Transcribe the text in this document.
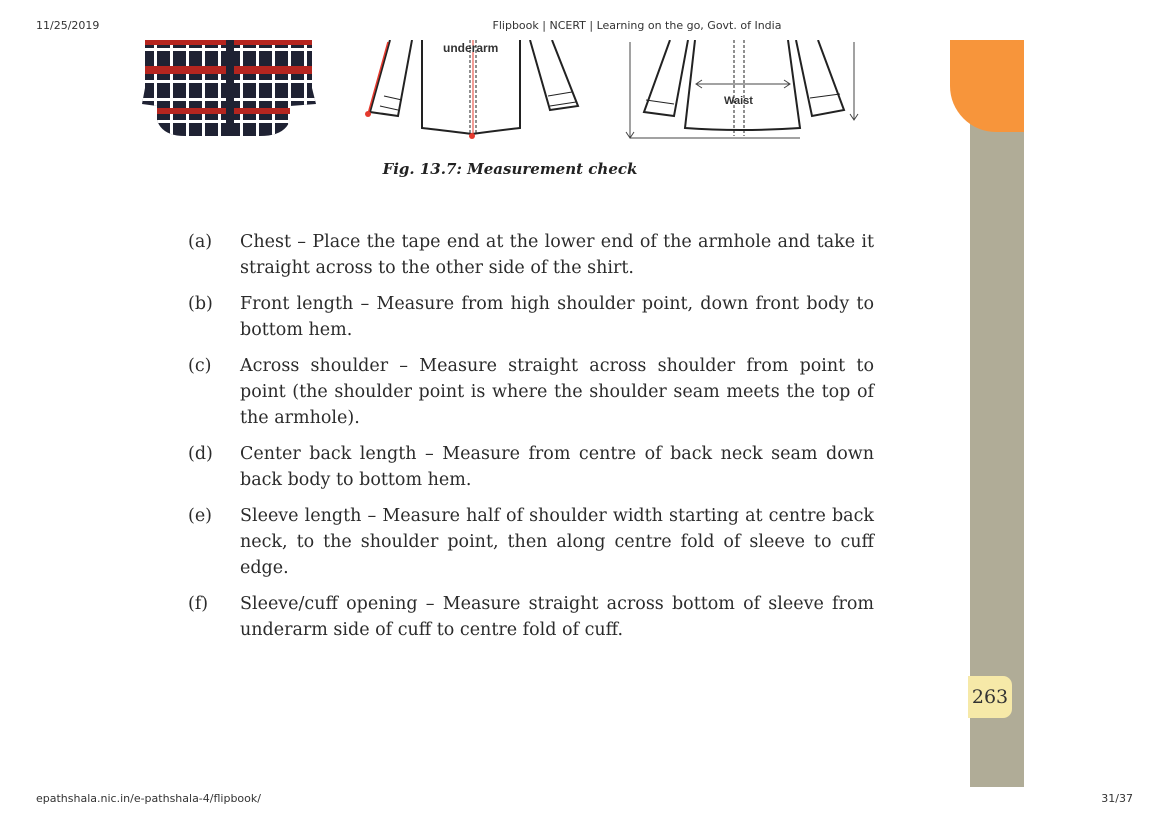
11/25/2019	Flipbook | NCERT | Learning on the go, Govt. of India
underarm
Waist
Fig. 13.7: Measurement check
263
(a)	Chest – Place the tape end at the lower end of the armhole and take it straight across to the other side of the shirt.
(b)	Front length – Measure from high shoulder point, down front body to bottom hem.
(c)	Across shoulder – Measure straight across shoulder from point to point (the shoulder point is where the shoulder seam meets the top of the armhole).
(d)	Center back length – Measure from centre of back neck seam down back body to bottom hem.
(e)	Sleeve length – Measure half of shoulder width starting at centre back neck, to the shoulder point, then along centre fold of sleeve to cuff edge.
(f)	Sleeve/cuff opening – Measure straight across bottom of sleeve from underarm side of cuff to centre fold of cuff.
epathshala.nic.in/e-pathshala-4/flipbook/	31/37
